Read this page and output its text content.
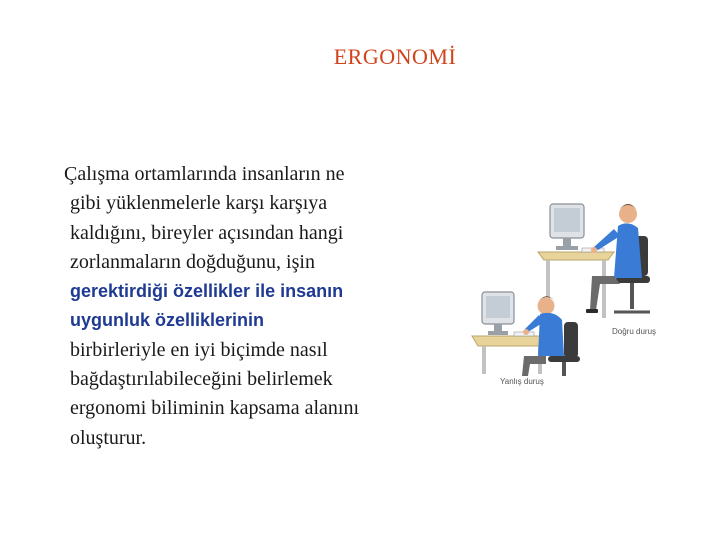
ERGONOMİ
Çalışma ortamlarında insanların ne
gibi yüklenmelerle karşı karşıya
kaldığını, bireyler açısından hangi
zorlanmaların doğduğunu, işin
gerektirdiği özellikler ile insanın
uygunluk özelliklerinin
birbirleriyle en iyi biçimde nasıl
bağdaştırılabileceğini belirlemek
ergonomi biliminin kapsama alanını
oluşturur.
Doğru duruş
Yanlış duruş
